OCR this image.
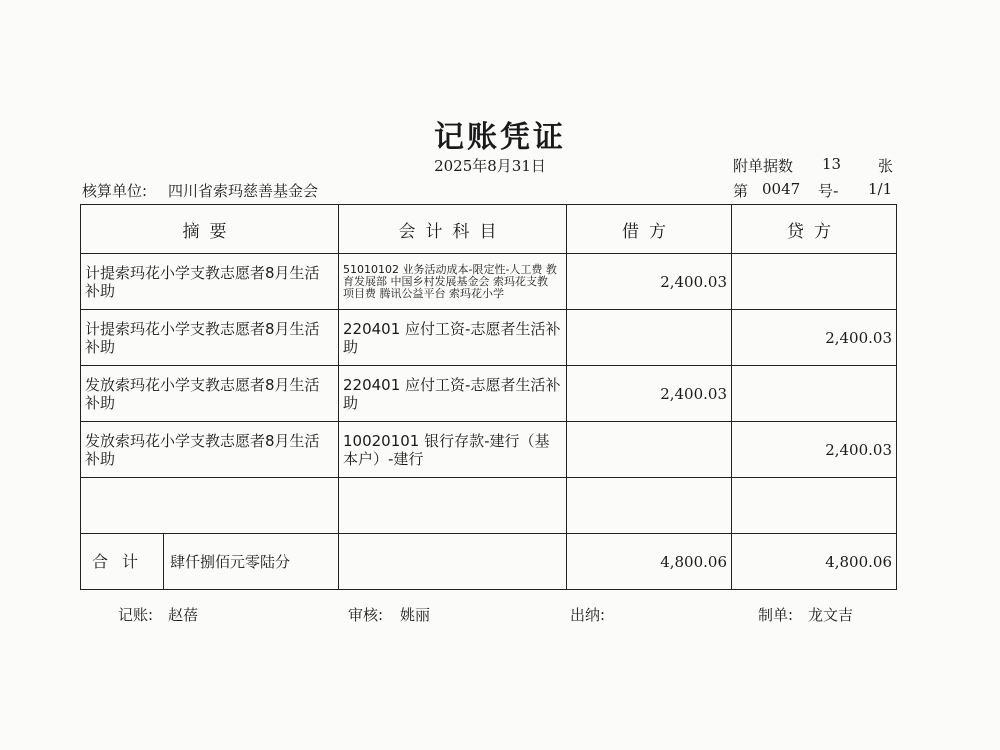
记账凭证
2025年8月31日	附单据数 13 张
核算单位: 四川省索玛慈善基金会	第 0047 号- 1/1
摘要	会计科目	借方	贷方
计提索玛花小学支教志愿者8月生活补助	51010102 业务活动成本-限定性-人工费 教育发展部 中国乡村发展基金会 索玛花支教 项目费 腾讯公益平台 索玛花小学	2,400.03	
计提索玛花小学支教志愿者8月生活补助	220401 应付工资-志愿者生活补助		2,400.03
发放索玛花小学支教志愿者8月生活补助	220401 应付工资-志愿者生活补助	2,400.03	
发放索玛花小学支教志愿者8月生活补助	10020101 银行存款-建行（基本户）-建行		2,400.03

合计 肆仟捌佰元零陆分		4,800.06	4,800.06
记账: 赵蓓	审核: 姚丽	出纳:	制单: 龙文吉
